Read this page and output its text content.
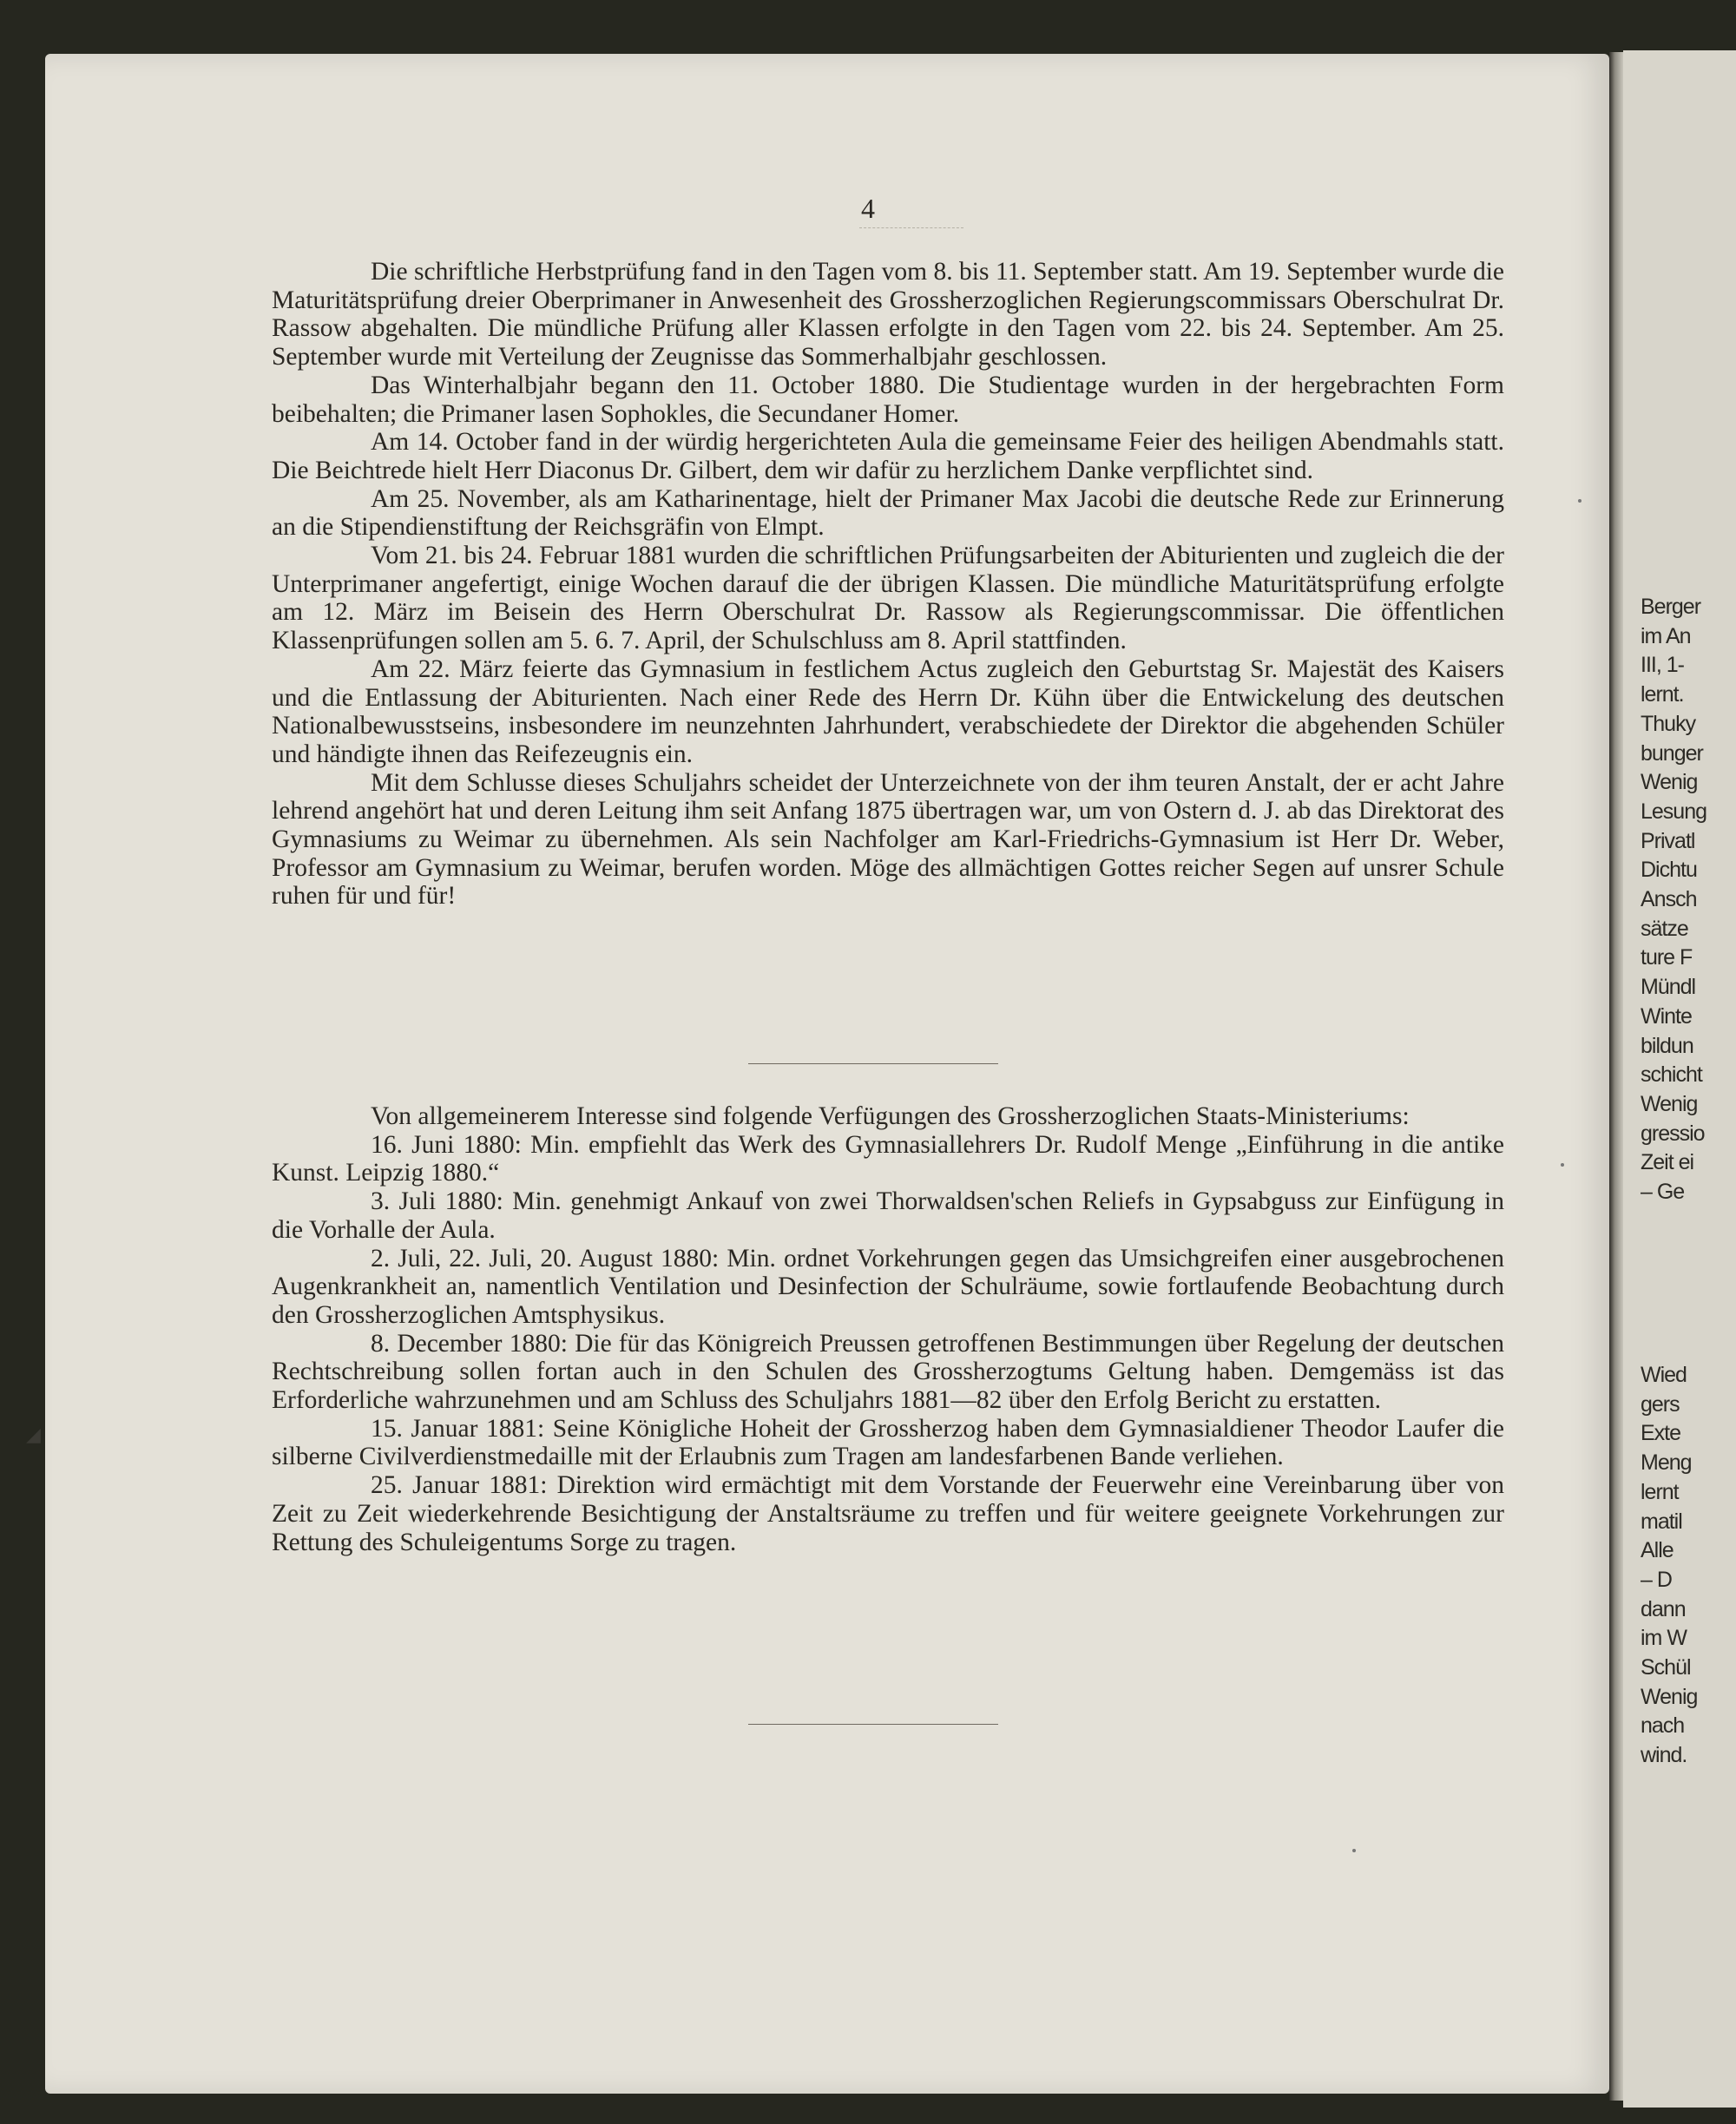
4

Die schriftliche Herbstprüfung fand in den Tagen vom 8. bis 11. September statt. Am 19. September wurde die Maturitätsprüfung dreier Oberprimaner in Anwesenheit des Grossherzoglichen Regierungscommissars Oberschulrat Dr. Rassow abgehalten. Die mündliche Prüfung aller Klassen erfolgte in den Tagen vom 22. bis 24. September. Am 25. September wurde mit Verteilung der Zeugnisse das Sommerhalbjahr geschlossen.

Das Winterhalbjahr begann den 11. October 1880. Die Studientage wurden in der hergebrachten Form beibehalten; die Primaner lasen Sophokles, die Secundaner Homer.

Am 14. October fand in der würdig hergerichteten Aula die gemeinsame Feier des heiligen Abendmahls statt. Die Beichtrede hielt Herr Diaconus Dr. Gilbert, dem wir dafür zu herzlichem Danke verpflichtet sind.

Am 25. November, als am Katharinentage, hielt der Primaner Max Jacobi die deutsche Rede zur Erinnerung an die Stipendienstiftung der Reichsgräfin von Elmpt.

Vom 21. bis 24. Februar 1881 wurden die schriftlichen Prüfungsarbeiten der Abiturienten und zugleich die der Unterprimaner angefertigt, einige Wochen darauf die der übrigen Klassen. Die mündliche Maturitätsprüfung erfolgte am 12. März im Beisein des Herrn Oberschulrat Dr. Rassow als Regierungscommissar. Die öffentlichen Klassenprüfungen sollen am 5. 6. 7. April, der Schulschluss am 8. April stattfinden.

Am 22. März feierte das Gymnasium in festlichem Actus zugleich den Geburtstag Sr. Majestät des Kaisers und die Entlassung der Abiturienten. Nach einer Rede des Herrn Dr. Kühn über die Entwickelung des deutschen Nationalbewusstseins, insbesondere im neunzehnten Jahrhundert, verabschiedete der Direktor die abgehenden Schüler und händigte ihnen das Reifezeugnis ein.

Mit dem Schlusse dieses Schuljahrs scheidet der Unterzeichnete von der ihm teuren Anstalt, der er acht Jahre lehrend angehört hat und deren Leitung ihm seit Anfang 1875 übertragen war, um von Ostern d. J. ab das Direktorat des Gymnasiums zu Weimar zu übernehmen. Als sein Nachfolger am Karl-Friedrichs-Gymnasium ist Herr Dr. Weber, Professor am Gymnasium zu Weimar, berufen worden. Möge des allmächtigen Gottes reicher Segen auf unsrer Schule ruhen für und für!

Von allgemeinerem Interesse sind folgende Verfügungen des Grossherzoglichen Staats-Ministeriums:

16. Juni 1880: Min. empfiehlt das Werk des Gymnasiallehrers Dr. Rudolf Menge „Einführung in die antike Kunst. Leipzig 1880.“

3. Juli 1880: Min. genehmigt Ankauf von zwei Thorwaldsen'schen Reliefs in Gypsabguss zur Einfügung in die Vorhalle der Aula.

2. Juli, 22. Juli, 20. August 1880: Min. ordnet Vorkehrungen gegen das Umsichgreifen einer ausgebrochenen Augenkrankheit an, namentlich Ventilation und Desinfection der Schulräume, sowie fortlaufende Beobachtung durch den Grossherzoglichen Amtsphysikus.

8. December 1880: Die für das Königreich Preussen getroffenen Bestimmungen über Regelung der deutschen Rechtschreibung sollen fortan auch in den Schulen des Grossherzogtums Geltung haben. Demgemäss ist das Erforderliche wahrzunehmen und am Schluss des Schuljahrs 1881—82 über den Erfolg Bericht zu erstatten.

15. Januar 1881: Seine Königliche Hoheit der Grossherzog haben dem Gymnasialdiener Theodor Laufer die silberne Civilverdienstmedaille mit der Erlaubnis zum Tragen am landesfarbenen Bande verliehen.

25. Januar 1881: Direktion wird ermächtigt mit dem Vorstande der Feuerwehr eine Vereinbarung über von Zeit zu Zeit wiederkehrende Besichtigung der Anstaltsräume zu treffen und für weitere geeignete Vorkehrungen zur Rettung des Schuleigentums Sorge zu tragen.

◢
Berger
im An
III, 1-
lernt.
Thuky
bunger
Wenig
Lesung
Privatl
Dichtu
Ansch
sätze
ture F
Mündl
Winte
bildun
schicht
Wenig
gressio
Zeit ei
– Ge
Wied
gers
Exte
Meng
lernt
matil
Alle
– D
dann
im W
Schül
Wenig
nach
wind.
